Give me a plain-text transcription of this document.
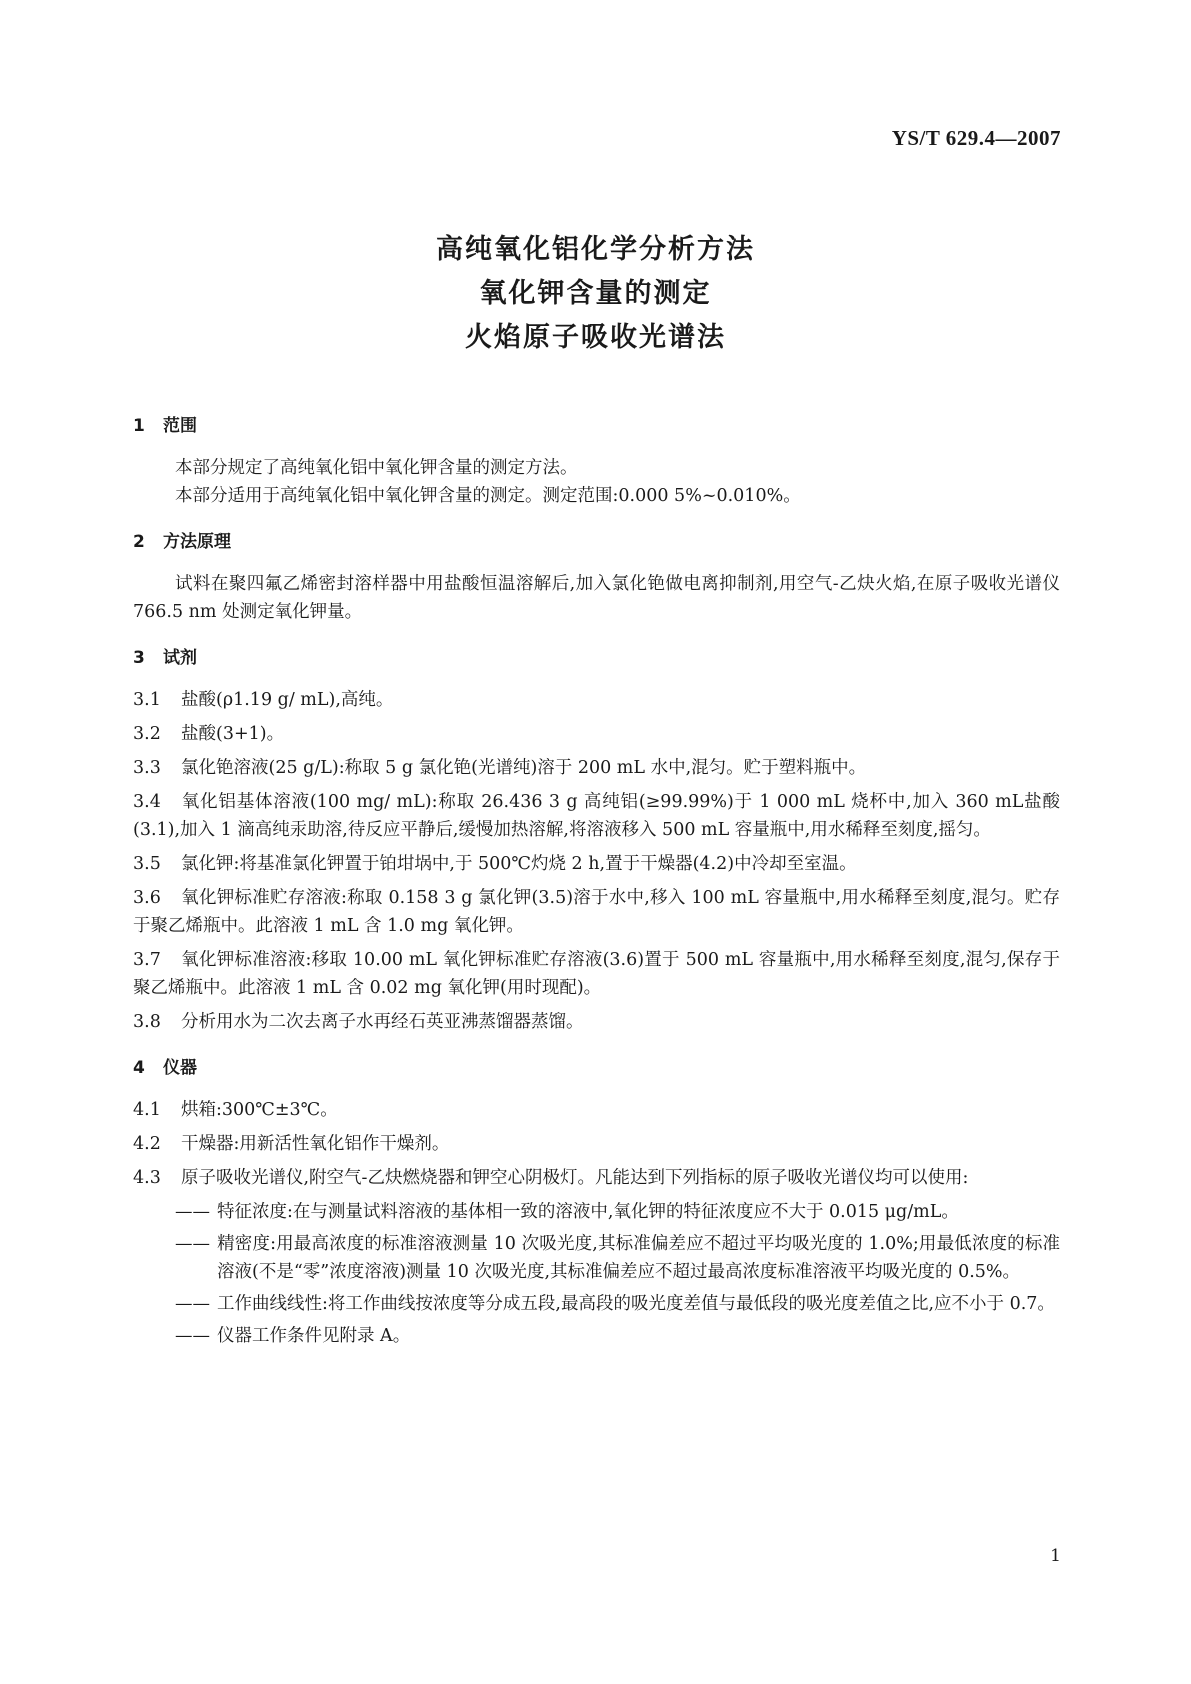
YS/T 629.4—2007
高纯氧化铝化学分析方法
氧化钾含量的测定
火焰原子吸收光谱法
1 范围

本部分规定了高纯氧化铝中氧化钾含量的测定方法。

本部分适用于高纯氧化铝中氧化钾含量的测定。测定范围:0.000 5%~0.010%。

2 方法原理

试料在聚四氟乙烯密封溶样器中用盐酸恒温溶解后,加入氯化铯做电离抑制剂,用空气-乙炔火焰,在原子吸收光谱仪 766.5 nm 处测定氧化钾量。

3 试剂

3.1 盐酸(ρ1.19 g/ mL),高纯。

3.2 盐酸(3+1)。

3.3 氯化铯溶液(25 g/L):称取 5 g 氯化铯(光谱纯)溶于 200 mL 水中,混匀。贮于塑料瓶中。

3.4 氧化铝基体溶液(100 mg/ mL):称取 26.436 3 g 高纯铝(≥99.99%)于 1 000 mL 烧杯中,加入 360 mL盐酸(3.1),加入 1 滴高纯汞助溶,待反应平静后,缓慢加热溶解,将溶液移入 500 mL 容量瓶中,用水稀释至刻度,摇匀。

3.5 氯化钾:将基准氯化钾置于铂坩埚中,于 500℃灼烧 2 h,置于干燥器(4.2)中冷却至室温。

3.6 氧化钾标准贮存溶液:称取 0.158 3 g 氯化钾(3.5)溶于水中,移入 100 mL 容量瓶中,用水稀释至刻度,混匀。贮存于聚乙烯瓶中。此溶液 1 mL 含 1.0 mg 氧化钾。

3.7 氧化钾标准溶液:移取 10.00 mL 氧化钾标准贮存溶液(3.6)置于 500 mL 容量瓶中,用水稀释至刻度,混匀,保存于聚乙烯瓶中。此溶液 1 mL 含 0.02 mg 氧化钾(用时现配)。

3.8 分析用水为二次去离子水再经石英亚沸蒸馏器蒸馏。

4 仪器

4.1 烘箱:300℃±3℃。

4.2 干燥器:用新活性氧化铝作干燥剂。

4.3 原子吸收光谱仪,附空气-乙炔燃烧器和钾空心阴极灯。凡能达到下列指标的原子吸收光谱仪均可以使用:

—— 特征浓度:在与测量试料溶液的基体相一致的溶液中,氧化钾的特征浓度应不大于 0.015 μg/mL。

—— 精密度:用最高浓度的标准溶液测量 10 次吸光度,其标准偏差应不超过平均吸光度的 1.0%;用最低浓度的标准溶液(不是“零”浓度溶液)测量 10 次吸光度,其标准偏差应不超过最高浓度标准溶液平均吸光度的 0.5%。

—— 工作曲线线性:将工作曲线按浓度等分成五段,最高段的吸光度差值与最低段的吸光度差值之比,应不小于 0.7。

—— 仪器工作条件见附录 A。

1
